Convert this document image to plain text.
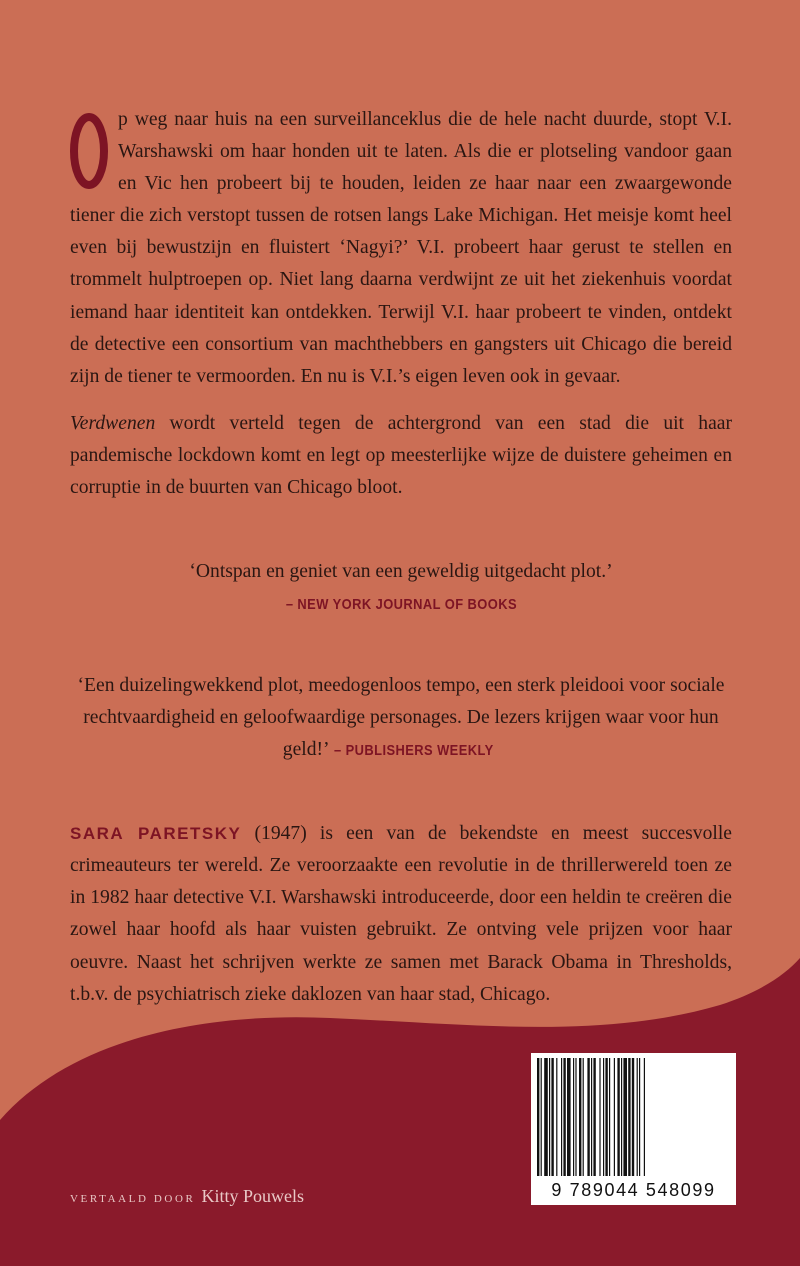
p weg naar huis na een surveillanceklus die de hele nacht duurde, stopt V.I. Warshawski om haar honden uit te laten. Als die er plotseling vandoor gaan en Vic hen probeert bij te houden, leiden ze haar naar een zwaargewonde tiener die zich verstopt tussen de rotsen langs Lake Michigan. Het meisje komt heel even bij bewustzijn en fluistert ‘Nagyi?’ V.I. probeert haar gerust te stellen en trommelt hulptroepen op. Niet lang daarna verdwijnt ze uit het ziekenhuis voordat iemand haar identiteit kan ontdekken. Terwijl V.I. haar probeert te vinden, ontdekt de detective een consortium van machthebbers en gangsters uit Chicago die bereid zijn de tiener te vermoorden. En nu is V.I.’s eigen leven ook in gevaar.

Verdwenen wordt verteld tegen de achtergrond van een stad die uit haar pandemische lockdown komt en legt op meesterlijke wijze de duistere geheimen en corruptie in de buurten van Chicago bloot.

‘Ontspan en geniet van een geweldig uitgedacht plot.’
– NEW YORK JOURNAL OF BOOKS
‘Een duizelingwekkend plot, meedogenloos tempo, een sterk pleidooi voor sociale rechtvaardigheid en geloofwaardige personages. De lezers krijgen waar voor hun geld!’ – PUBLISHERS WEEKLY

SARA PARETSKY (1947) is een van de bekendste en meest succesvolle crimeauteurs ter wereld. Ze veroorzaakte een revolutie in de thrillerwereld toen ze in 1982 haar detective V.I. Warshawski introduceerde, door een heldin te creëren die zowel haar hoofd als haar vuisten gebruikt. Ze ontving vele prijzen voor haar oeuvre. Naast het schrijven werkte ze samen met Barack Obama in Thresholds, t.b.v. de psychiatrisch zieke daklozen van haar stad, Chicago.

VERTAALD DOOR Kitty Pouwels	9 789044 548099
